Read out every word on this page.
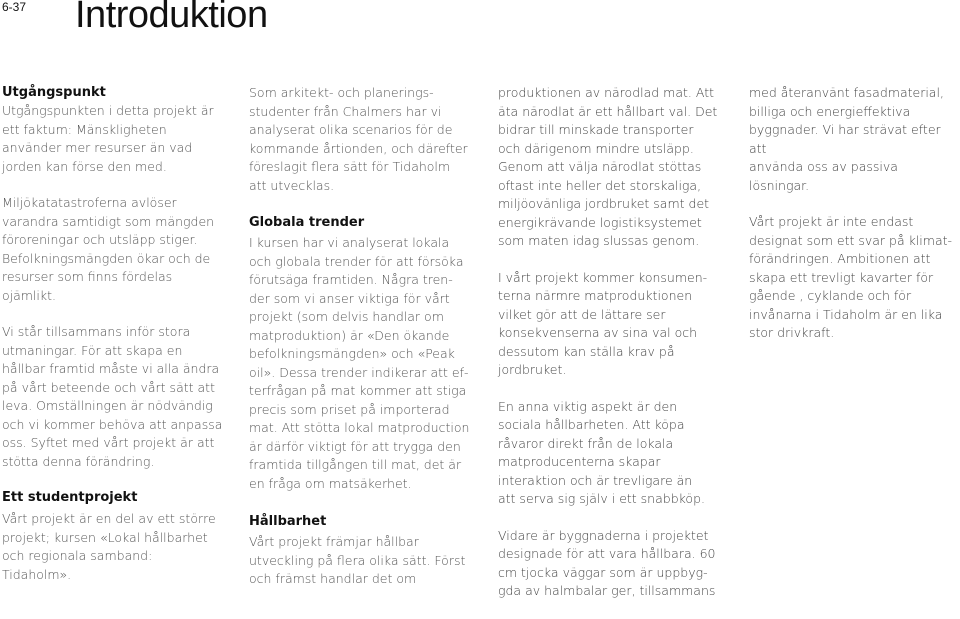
6-37 Introduktion
Utgångspunkt

Utgångspunkten i detta projekt är
ett faktum: Mänskligheten
använder mer resurser än vad
jorden kan förse den med.

Miljökatatastroferna avlöser
varandra samtidigt som mängden
föroreningar och utsläpp stiger.
Befolkningsmängden ökar och de
resurser som finns fördelas
ojämlikt.

Vi står tillsammans inför stora
utmaningar. För att skapa en
hållbar framtid måste vi alla ändra
på vårt beteende och vårt sätt att
leva. Omställningen är nödvändig
och vi kommer behöva att anpassa
oss. Syftet med vårt projekt är att
stötta denna förändring.

Ett studentprojekt

Vårt projekt är en del av ett större
projekt; kursen «Lokal hållbarhet
och regionala samband:
Tidaholm».

Som arkitekt- och planerings-
studenter från Chalmers har vi
analyserat olika scenarios för de
kommande årtionden, och därefter
föreslagit flera sätt för Tidaholm
att utvecklas.

Globala trender

I kursen har vi analyserat lokala
och globala trender för att försöka
förutsäga framtiden. Några tren-
der som vi anser viktiga för vårt
projekt (som delvis handlar om
matproduktion) är «Den ökande
befolkningsmängden» och «Peak
oil». Dessa trender indikerar att ef-
terfrågan på mat kommer att stiga
precis som priset på importerad
mat. Att stötta lokal matproduction
är därför viktigt för att trygga den
framtida tillgången till mat, det är
en fråga om matsäkerhet.

Hållbarhet

Vårt projekt främjar hållbar
utveckling på flera olika sätt. Först
och främst handlar det om

produktionen av närodlad mat. Att
äta närodlat är ett hållbart val. Det
bidrar till minskade transporter
och därigenom mindre utsläpp.
Genom att välja närodlat stöttas
oftast inte heller det storskaliga,
miljöovänliga jordbruket samt det
energikrävande logistiksystemet
som maten idag slussas genom.

I vårt projekt kommer konsumen-
terna närmre matproduktionen
vilket gör att de lättare ser
konsekvenserna av sina val och
dessutom kan ställa krav på
jordbruket.

En anna viktig aspekt är den
sociala hållbarheten. Att köpa
råvaror direkt från de lokala
matproducenterna skapar
interaktion och är trevligare än
att serva sig själv i ett snabbköp.

Vidare är byggnaderna i projektet
designade för att vara hållbara. 60
cm tjocka väggar som är uppbyg-
gda av halmbalar ger, tillsammans

med återanvänt fasadmaterial,
billiga och energieffektiva
byggnader. Vi har strävat efter att
använda oss av passiva lösningar.

Vårt projekt är inte endast
designat som ett svar på klimat-
förändringen. Ambitionen att
skapa ett trevligt kavarter för
gående , cyklande och för
invånarna i Tidaholm är en lika
stor drivkraft.
